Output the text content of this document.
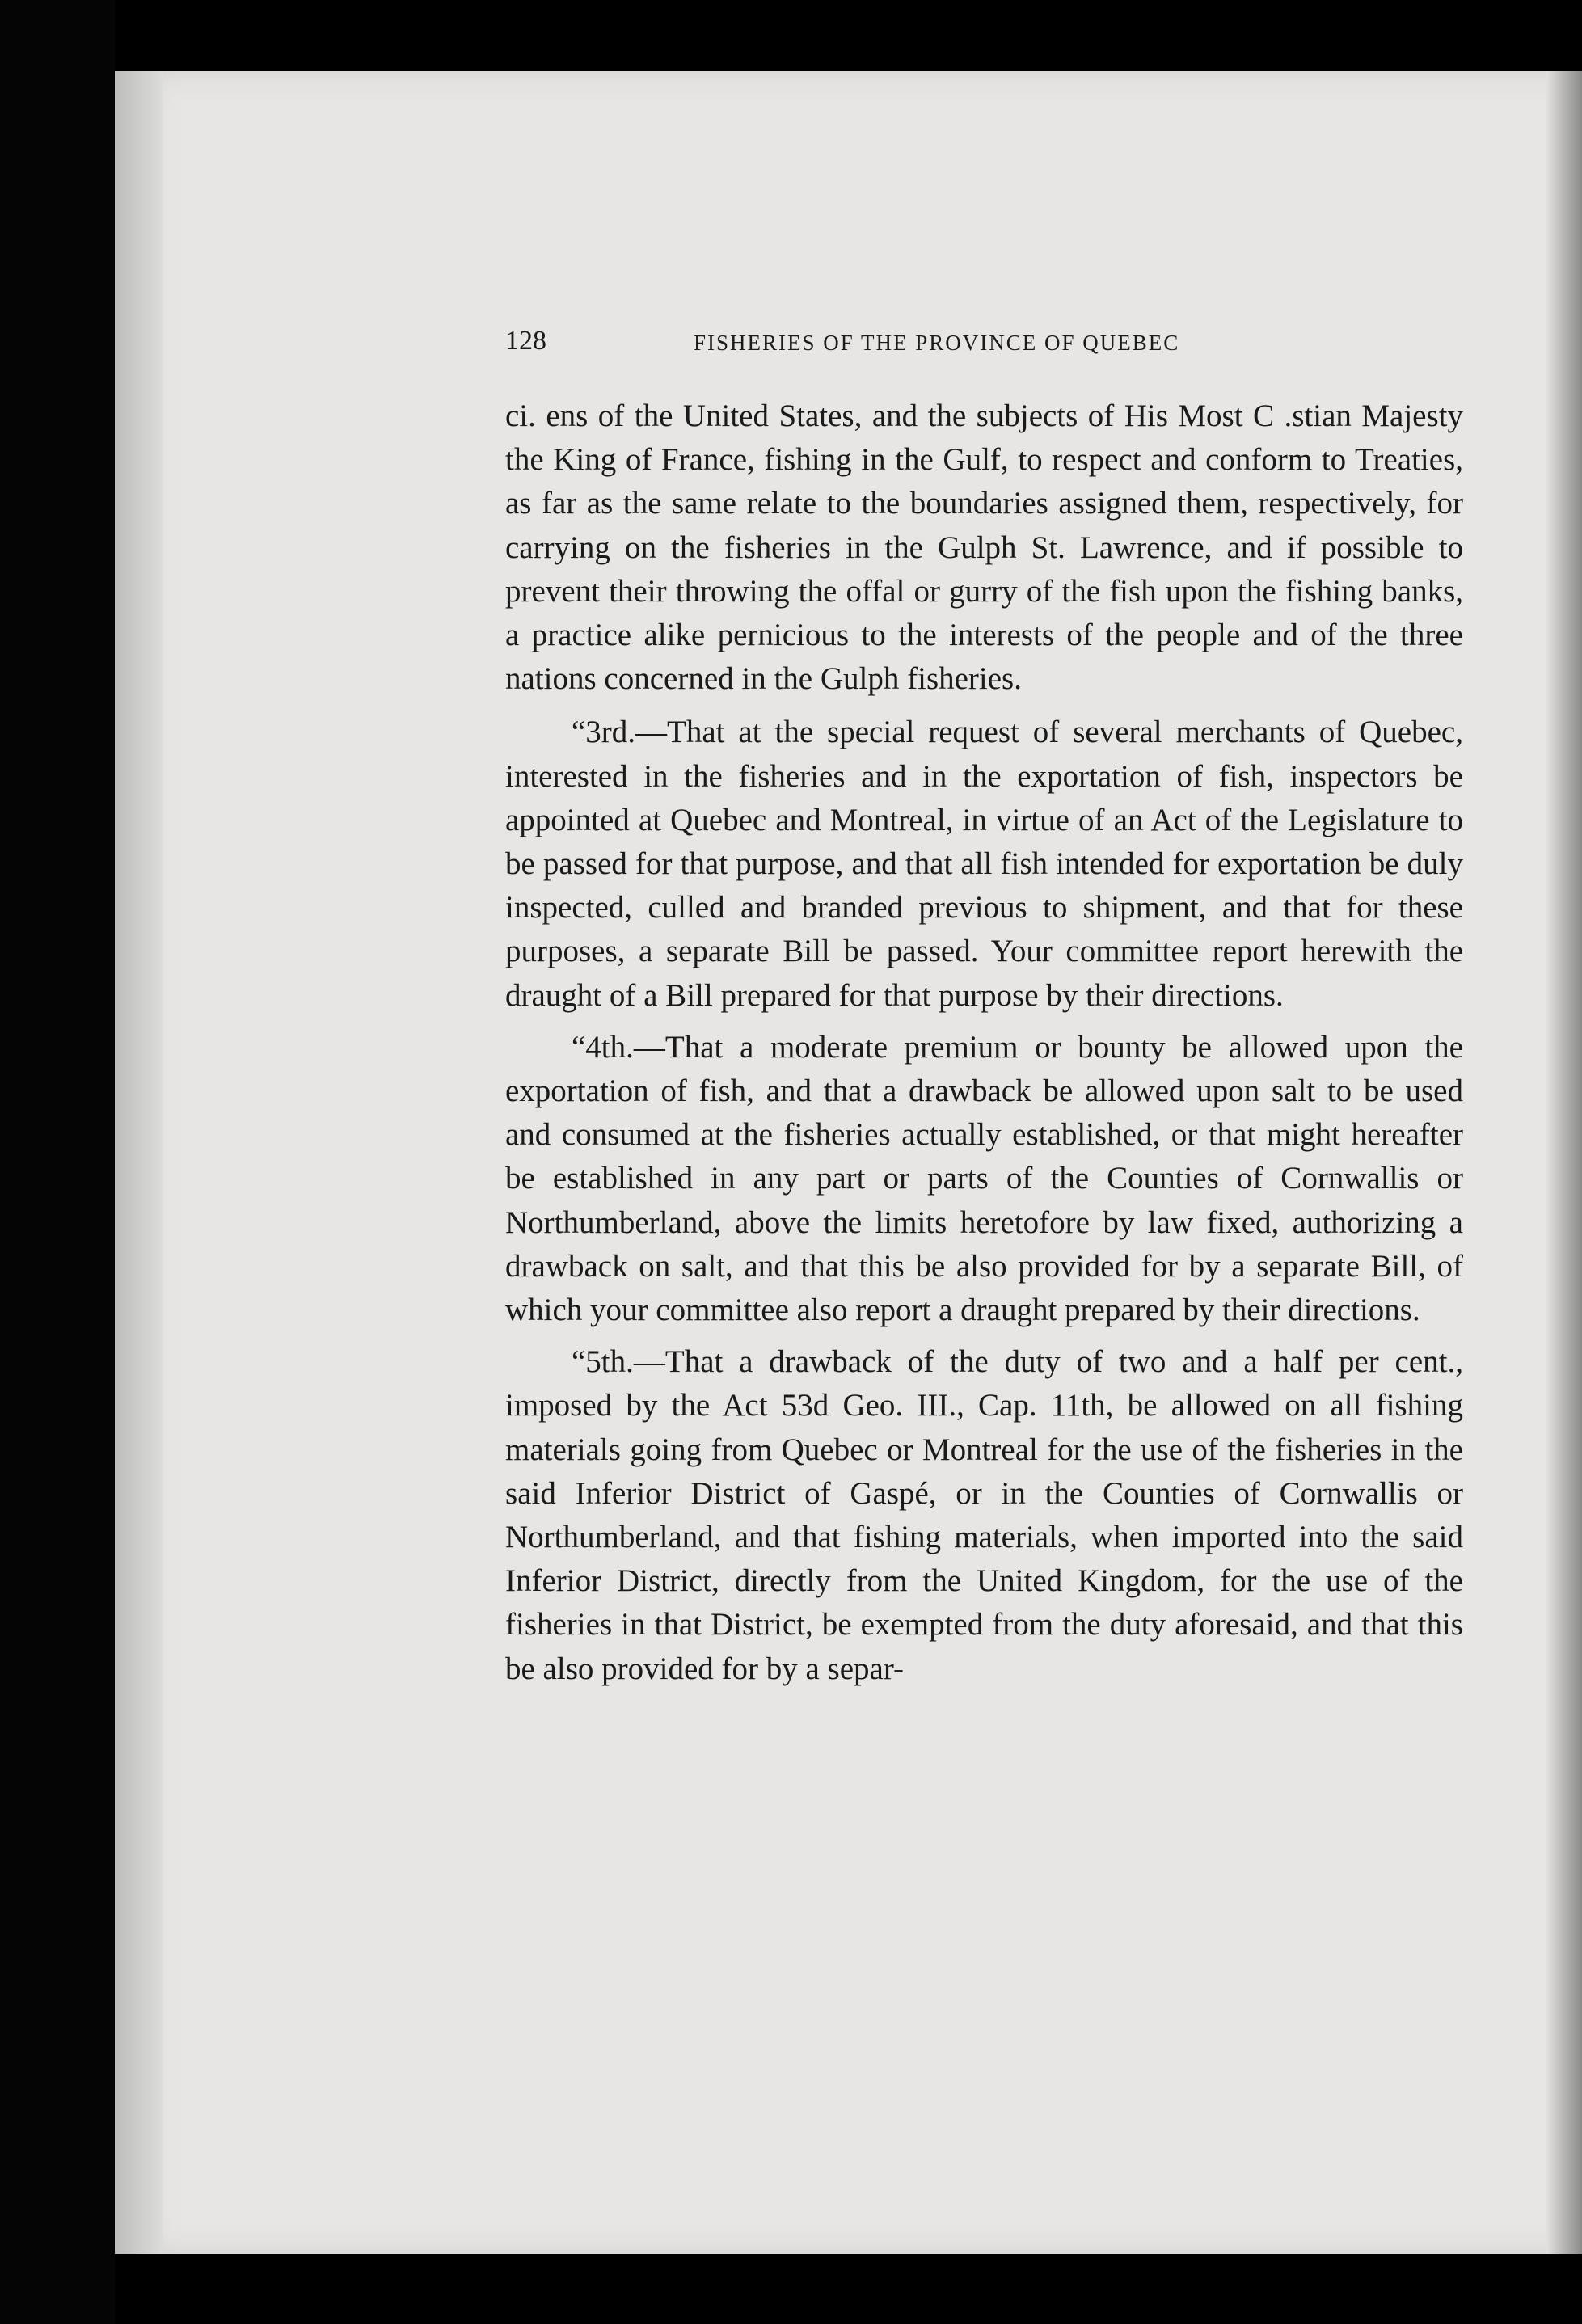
128	FISHERIES OF THE PROVINCE OF QUEBEC

ci. ens of the United States, and the subjects of His Most C .stian Majesty the King of France, fishing in the Gulf, to respect and conform to Treaties, as far as the same relate to the boundaries assigned them, respectively, for carrying on the fisheries in the Gulph St. Lawrence, and if possible to prevent their throwing the offal or gurry of the fish upon the fishing banks, a practice alike pernicious to the interests of the people and of the three nations concerned in the Gulph fisheries.

“3rd.—That at the special request of several merchants of Quebec, interested in the fisheries and in the exportation of fish, inspectors be appointed at Quebec and Montreal, in virtue of an Act of the Legislature to be passed for that purpose, and that all fish intended for exportation be duly inspected, culled and branded previous to shipment, and that for these purposes, a separate Bill be passed. Your committee report herewith the draught of a Bill prepared for that purpose by their directions.

“4th.—That a moderate premium or bounty be allowed upon the exportation of fish, and that a drawback be allowed upon salt to be used and consumed at the fisheries actually established, or that might hereafter be established in any part or parts of the Counties of Cornwallis or Northumberland, above the limits heretofore by law fixed, authorizing a drawback on salt, and that this be also provided for by a separate Bill, of which your committee also report a draught prepared by their directions.

“5th.—That a drawback of the duty of two and a half per cent., imposed by the Act 53d Geo. III., Cap. 11th, be allowed on all fishing materials going from Quebec or Montreal for the use of the fisheries in the said Inferior District of Gaspé, or in the Counties of Cornwallis or Northumberland, and that fishing materials, when imported into the said Inferior District, directly from the United Kingdom, for the use of the fisheries in that District, be exempted from the duty aforesaid, and that this be also provided for by a separ-
